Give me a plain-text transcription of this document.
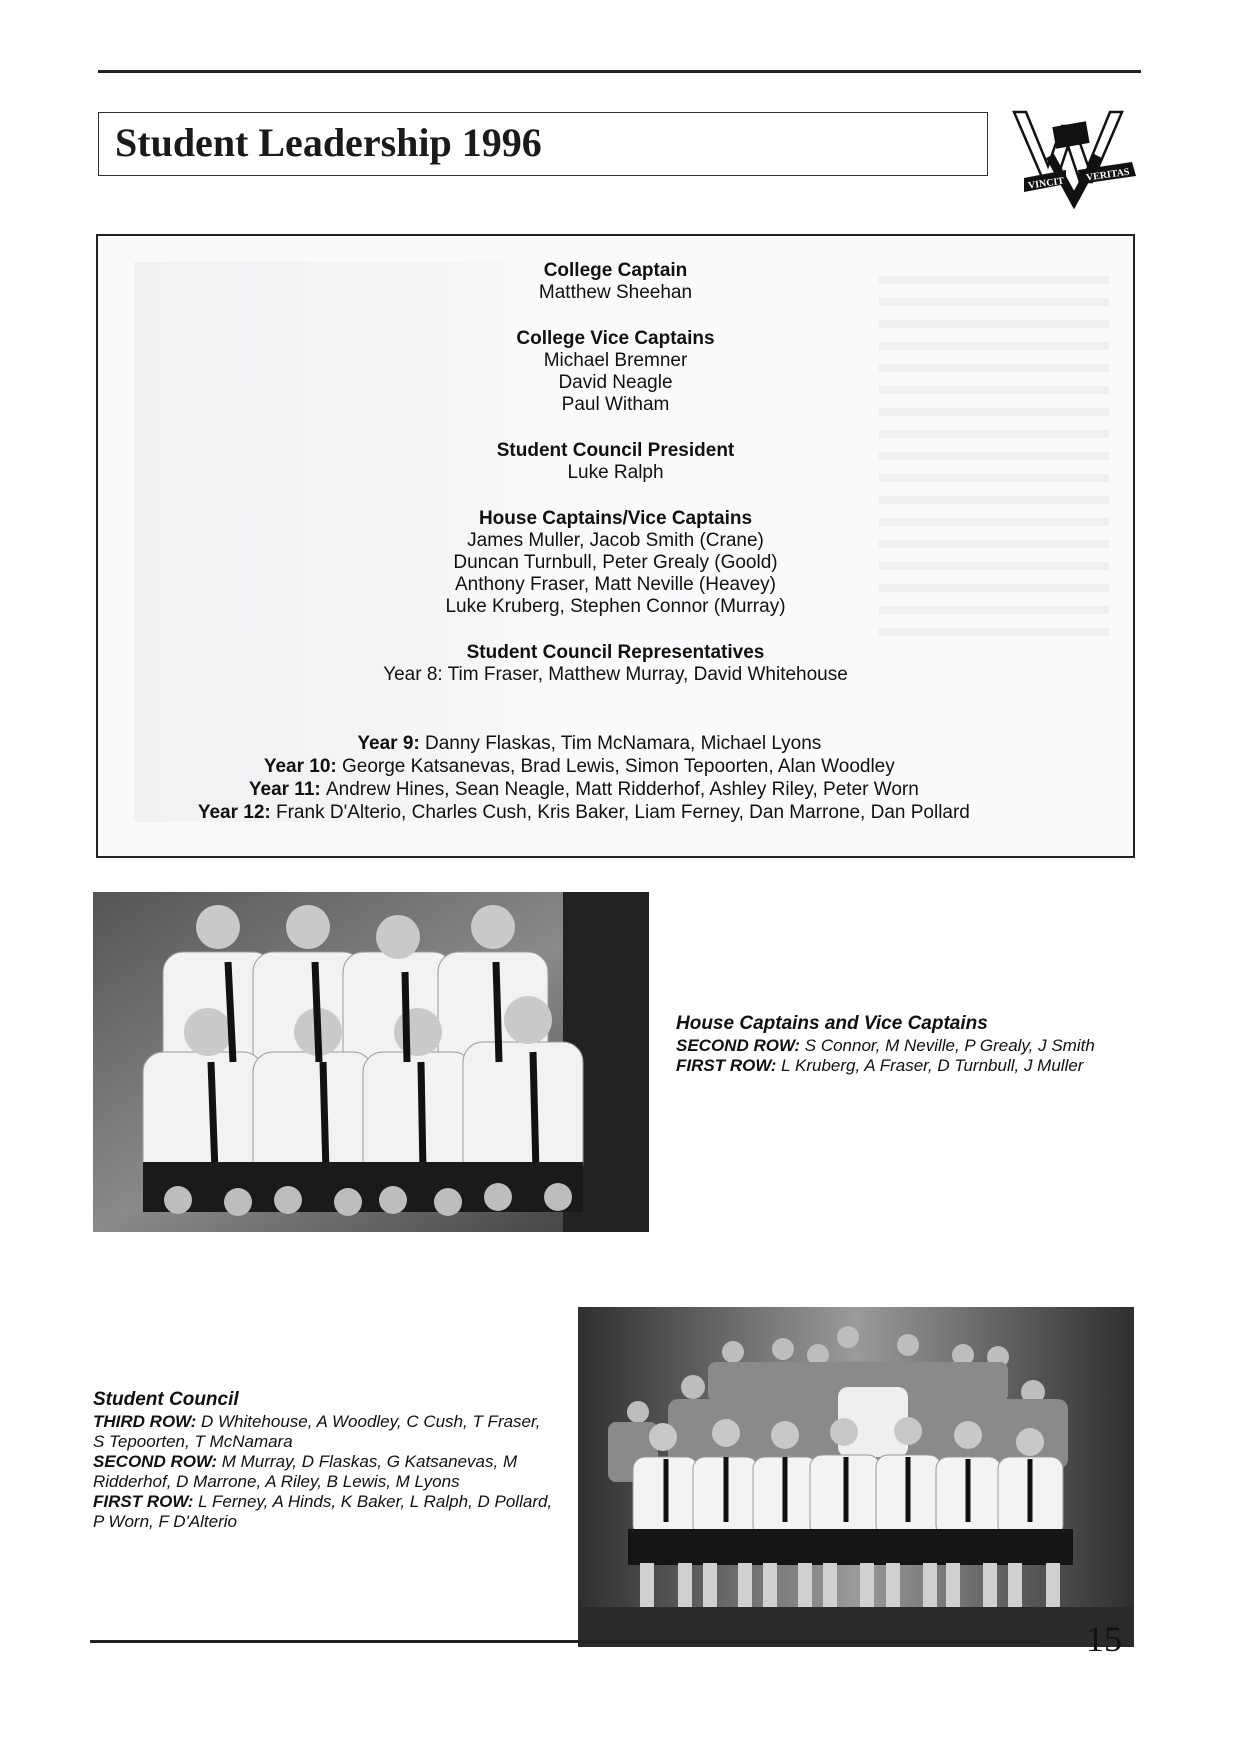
Student Leadership 1996
VINCIT
VERITAS
College Captain
Matthew Sheehan
College Vice Captains
Michael Bremner
David Neagle
Paul Witham
Student Council President
Luke Ralph
House Captains/Vice Captains
James Muller, Jacob Smith (Crane)
Duncan Turnbull, Peter Grealy (Goold)
Anthony Fraser, Matt Neville (Heavey)
Luke Kruberg, Stephen Connor (Murray)
Student Council Representatives
Year 8: Tim Fraser, Matthew Murray, David Whitehouse
Year 9: Danny Flaskas, Tim McNamara, Michael Lyons
Year 10: George Katsanevas, Brad Lewis, Simon Tepoorten, Alan Woodley
Year 11: Andrew Hines, Sean Neagle, Matt Ridderhof, Ashley Riley, Peter Worn
Year 12: Frank D'Alterio, Charles Cush, Kris Baker, Liam Ferney, Dan Marrone, Dan Pollard
House Captains and Vice Captains
SECOND ROW: S Connor, M Neville, P Grealy, J Smith
FIRST ROW: L Kruberg, A Fraser, D Turnbull, J Muller
Student Council
THIRD ROW: D Whitehouse, A Woodley, C Cush, T Fraser, S Tepoorten, T McNamara
SECOND ROW: M Murray, D Flaskas, G Katsanevas, M Ridderhof, D Marrone, A Riley, B Lewis, M Lyons
FIRST ROW: L Ferney, A Hinds, K Baker, L Ralph, D Pollard, P Worn, F D'Alterio
15
